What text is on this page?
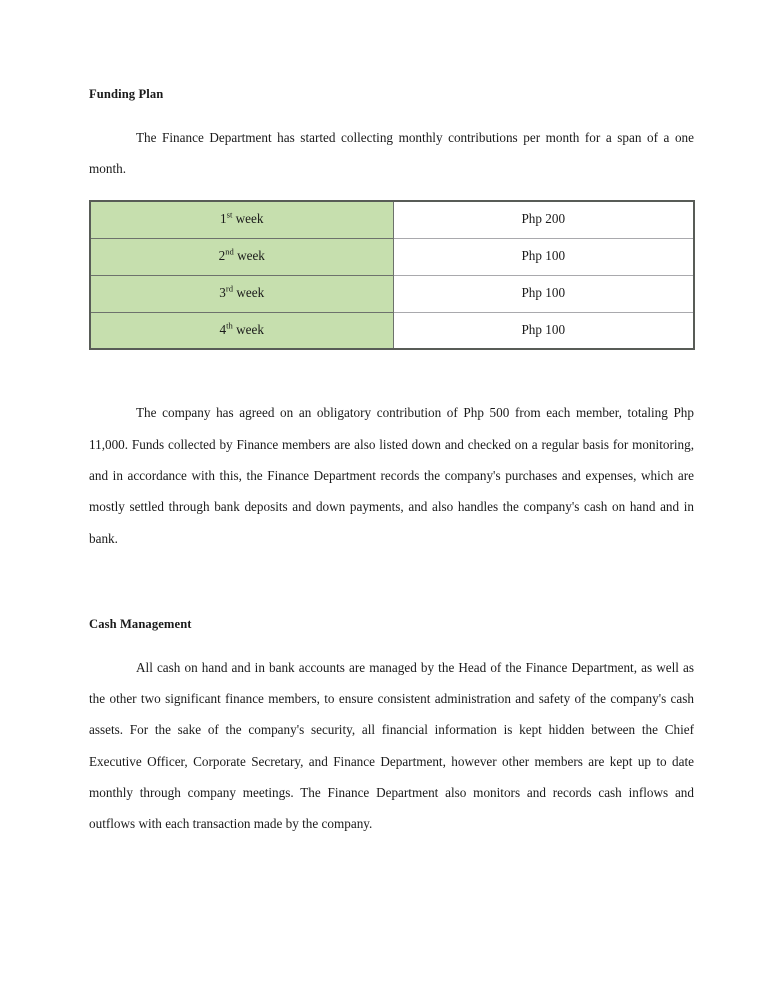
Funding Plan

The Finance Department has started collecting monthly contributions per month for a span of a one month.

1st week	Php 200
2nd week	Php 100
3rd week	Php 100
4th week	Php 100

The company has agreed on an obligatory contribution of Php 500 from each member, totaling Php 11,000. Funds collected by Finance members are also listed down and checked on a regular basis for monitoring, and in accordance with this, the Finance Department records the company's purchases and expenses, which are mostly settled through bank deposits and down payments, and also handles the company's cash on hand and in bank.

Cash Management

All cash on hand and in bank accounts are managed by the Head of the Finance Department, as well as the other two significant finance members, to ensure consistent administration and safety of the company's cash assets. For the sake of the company's security, all financial information is kept hidden between the Chief Executive Officer, Corporate Secretary, and Finance Department, however other members are kept up to date monthly through company meetings. The Finance Department also monitors and records cash inflows and outflows with each transaction made by the company.
